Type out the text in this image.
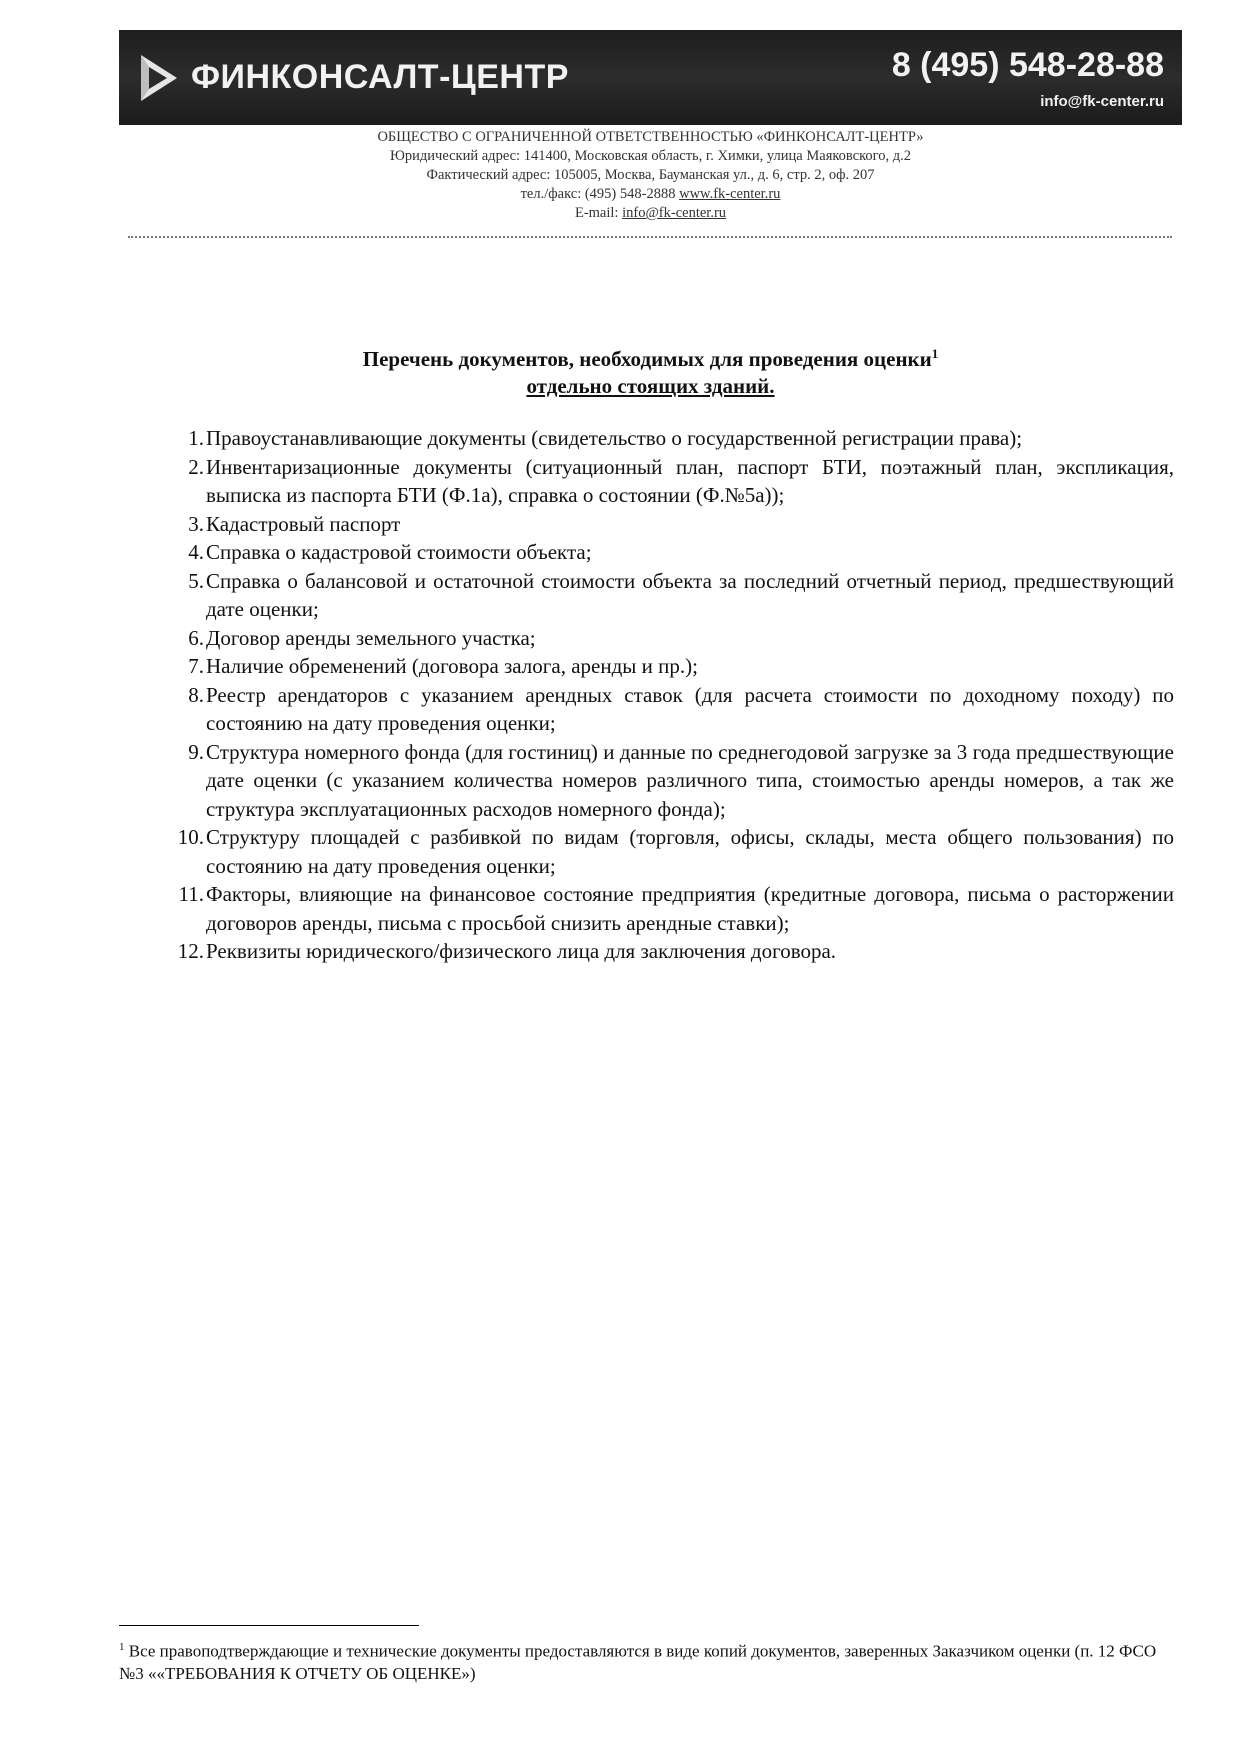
ФИНКОНСАЛТ-ЦЕНТР	8 (495) 548-28-88
info@fk-center.ru
ОБЩЕСТВО С ОГРАНИЧЕННОЙ ОТВЕТСТВЕННОСТЬЮ «ФИНКОНСАЛТ-ЦЕНТР»
Юридический адрес: 141400, Московская область, г. Химки, улица Маяковского, д.2
Фактический адрес: 105005, Москва, Бауманская ул., д. 6, стр. 2, оф. 207
тел./факс: (495) 548-2888 www.fk-center.ru
E-mail: info@fk-center.ru
Перечень документов, необходимых для проведения оценки$^1$
отдельно стоящих зданий.
1. Правоустанавливающие документы (свидетельство о государственной регистрации права);
2. Инвентаризационные документы (ситуационный план, паспорт БТИ, поэтажный план, экспликация, выписка из паспорта БТИ (Ф.1а), справка о состоянии (Ф.№5а));
3. Кадастровый паспорт
4. Справка о кадастровой стоимости объекта;
5. Справка о балансовой и остаточной стоимости объекта за последний отчетный период, предшествующий дате оценки;
6. Договор аренды земельного участка;
7. Наличие обременений (договора залога, аренды и пр.);
8. Реестр арендаторов с указанием арендных ставок (для расчета стоимости по доходному походу) по состоянию на дату проведения оценки;
9. Структура номерного фонда (для гостиниц) и данные по среднегодовой загрузке за 3 года предшествующие дате оценки (с указанием количества номеров различного типа, стоимостью аренды номеров, а так же структура эксплуатационных расходов номерного фонда);
10. Структуру площадей с разбивкой по видам (торговля, офисы, склады, места общего пользования) по состоянию на дату проведения оценки;
11. Факторы, влияющие на финансовое состояние предприятия (кредитные договора, письма о расторжении договоров аренды, письма с просьбой снизить арендные ставки);
12. Реквизиты юридического/физического лица для заключения договора.
$^1$ Все правоподтверждающие и технические документы предоставляются в виде копий документов, заверенных Заказчиком оценки (п. 12 ФСО №3 ««ТРЕБОВАНИЯ К ОТЧЕТУ ОБ ОЦЕНКЕ»)
